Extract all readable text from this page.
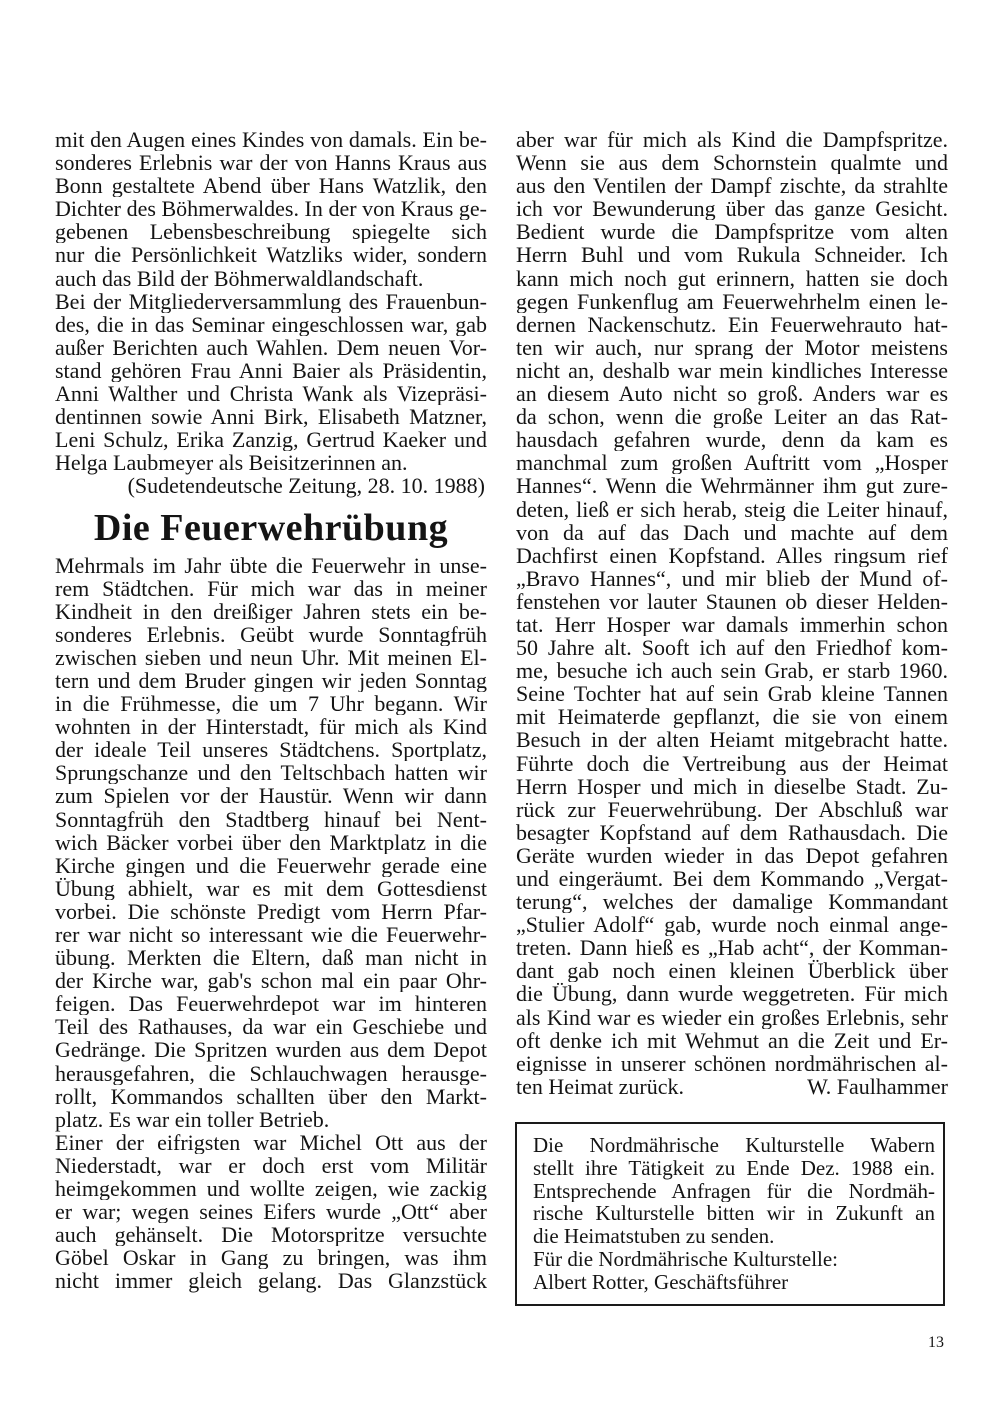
mit den Augen eines Kindes von damals. Ein be-
sonderes Erlebnis war der von Hanns Kraus aus
Bonn gestaltete Abend über Hans Watzlik, den
Dichter des Böhmerwaldes. In der von Kraus ge-
gebenen Lebensbeschreibung spiegelte sich
nur die Persönlichkeit Watzliks wider, sondern
auch das Bild der Böhmerwaldlandschaft.
Bei der Mitgliederversammlung des Frauenbun-
des, die in das Seminar eingeschlossen war, gab
außer Berichten auch Wahlen. Dem neuen Vor-
stand gehören Frau Anni Baier als Präsidentin,
Anni Walther und Christa Wank als Vizepräsi-
dentinnen sowie Anni Birk, Elisabeth Matzner,
Leni Schulz, Erika Zanzig, Gertrud Kaeker und
Helga Laubmeyer als Beisitzerinnen an.
(Sudetendeutsche Zeitung, 28. 10. 1988)
Die Feuerwehrübung
Mehrmals im Jahr übte die Feuerwehr in unse-
rem Städtchen. Für mich war das in meiner
Kindheit in den dreißiger Jahren stets ein be-
sonderes Erlebnis. Geübt wurde Sonntagfrüh
zwischen sieben und neun Uhr. Mit meinen El-
tern und dem Bruder gingen wir jeden Sonntag
in die Frühmesse, die um 7 Uhr begann. Wir
wohnten in der Hinterstadt, für mich als Kind
der ideale Teil unseres Städtchens. Sportplatz,
Sprungschanze und den Teltschbach hatten wir
zum Spielen vor der Haustür. Wenn wir dann
Sonntagfrüh den Stadtberg hinauf bei Nent-
wich Bäcker vorbei über den Marktplatz in die
Kirche gingen und die Feuerwehr gerade eine
Übung abhielt, war es mit dem Gottesdienst
vorbei. Die schönste Predigt vom Herrn Pfar-
rer war nicht so interessant wie die Feuerwehr-
übung. Merkten die Eltern, daß man nicht in
der Kirche war, gab's schon mal ein paar Ohr-
feigen. Das Feuerwehrdepot war im hinteren
Teil des Rathauses, da war ein Geschiebe und
Gedränge. Die Spritzen wurden aus dem Depot
herausgefahren, die Schlauchwagen herausge-
rollt, Kommandos schallten über den Markt-
platz. Es war ein toller Betrieb.
Einer der eifrigsten war Michel Ott aus der
Niederstadt, war er doch erst vom Militär
heimgekommen und wollte zeigen, wie zackig
er war; wegen seines Eifers wurde „Ott“ aber
auch gehänselt. Die Motorspritze versuchte
Göbel Oskar in Gang zu bringen, was ihm
nicht immer gleich gelang. Das Glanzstück
aber war für mich als Kind die Dampfspritze.
Wenn sie aus dem Schornstein qualmte und
aus den Ventilen der Dampf zischte, da strahlte
ich vor Bewunderung über das ganze Gesicht.
Bedient wurde die Dampfspritze vom alten
Herrn Buhl und vom Rukula Schneider. Ich
kann mich noch gut erinnern, hatten sie doch
gegen Funkenflug am Feuerwehrhelm einen le-
dernen Nackenschutz. Ein Feuerwehrauto hat-
ten wir auch, nur sprang der Motor meistens
nicht an, deshalb war mein kindliches Interesse
an diesem Auto nicht so groß. Anders war es
da schon, wenn die große Leiter an das Rat-
hausdach gefahren wurde, denn da kam es
manchmal zum großen Auftritt vom „Hosper
Hannes“. Wenn die Wehrmänner ihm gut zure-
deten, ließ er sich herab, steig die Leiter hinauf,
von da auf das Dach und machte auf dem
Dachfirst einen Kopfstand. Alles ringsum rief
„Bravo Hannes“, und mir blieb der Mund of-
fenstehen vor lauter Staunen ob dieser Helden-
tat. Herr Hosper war damals immerhin schon
50 Jahre alt. Sooft ich auf den Friedhof kom-
me, besuche ich auch sein Grab, er starb 1960.
Seine Tochter hat auf sein Grab kleine Tannen
mit Heimaterde gepflanzt, die sie von einem
Besuch in der alten Heiamt mitgebracht hatte.
Führte doch die Vertreibung aus der Heimat
Herrn Hosper und mich in dieselbe Stadt. Zu-
rück zur Feuerwehrübung. Der Abschluß war
besagter Kopfstand auf dem Rathausdach. Die
Geräte wurden wieder in das Depot gefahren
und eingeräumt. Bei dem Kommando „Vergat-
terung“, welches der damalige Kommandant
„Stulier Adolf“ gab, wurde noch einmal ange-
treten. Dann hieß es „Hab acht“, der Komman-
dant gab noch einen kleinen Überblick über
die Übung, dann wurde weggetreten. Für mich
als Kind war es wieder ein großes Erlebnis, sehr
oft denke ich mit Wehmut an die Zeit und Er-
eignisse in unserer schönen nordmährischen al-
ten Heimat zurück.	W. Faulhammer
Die Nordmährische Kulturstelle Wabern
stellt ihre Tätigkeit zu Ende Dez. 1988 ein.
Entsprechende Anfragen für die Nordmäh-
rische Kulturstelle bitten wir in Zukunft an
die Heimatstuben zu senden.
Für die Nordmährische Kulturstelle:
Albert Rotter, Geschäftsführer
13
